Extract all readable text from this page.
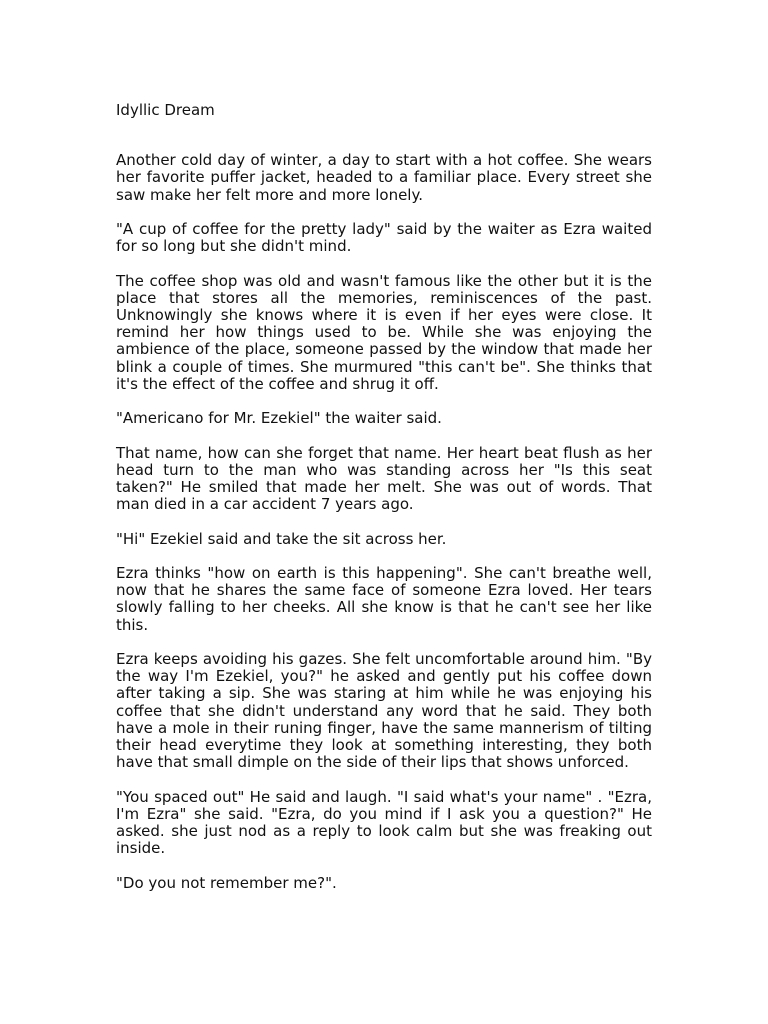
Idyllic Dream

Another cold day of winter, a day to start with a hot coffee. She wears her favorite puffer jacket, headed to a familiar place. Every street she saw make her felt more and more lonely.

"A cup of coffee for the pretty lady" said by the waiter as Ezra waited for so long but she didn't mind.

The coffee shop was old and wasn't famous like the other but it is the place that stores all the memories, reminiscences of the past. Unknowingly she knows where it is even if her eyes were close. It remind her how things used to be. While she was enjoying the ambience of the place, someone passed by the window that made her blink a couple of times. She murmured "this can't be". She thinks that it's the effect of the coffee and shrug it off.

"Americano for Mr. Ezekiel" the waiter said.

That name, how can she forget that name. Her heart beat flush as her head turn to the man who was standing across her "Is this seat taken?" He smiled that made her melt. She was out of words. That man died in a car accident 7 years ago.

"Hi" Ezekiel said and take the sit across her.

Ezra thinks "how on earth is this happening". She can't breathe well, now that he shares the same face of someone Ezra loved. Her tears slowly falling to her cheeks. All she know is that he can't see her like this.

Ezra keeps avoiding his gazes. She felt uncomfortable around him. "By the way I'm Ezekiel, you?" he asked and gently put his coffee down after taking a sip. She was staring at him while he was enjoying his coffee that she didn't understand any word that he said. They both have a mole in their runing finger, have the same mannerism of tilting their head everytime they look at something interesting, they both have that small dimple on the side of their lips that shows unforced.

"You spaced out" He said and laugh. "I said what's your name" . "Ezra, I'm Ezra" she said. "Ezra, do you mind if I ask you a question?" He asked. she just nod as a reply to look calm but she was freaking out inside.

"Do you not remember me?".
